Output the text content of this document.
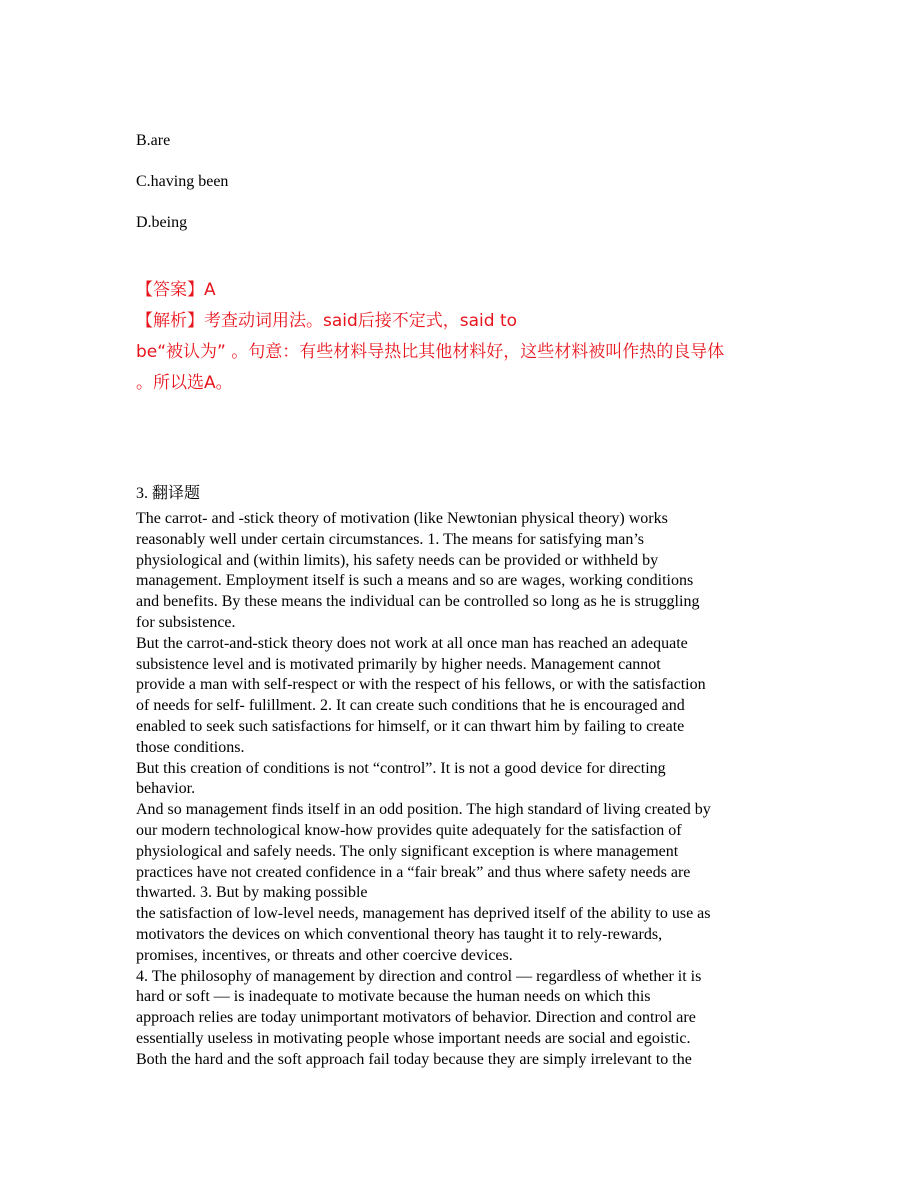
B.are

C.having been

D.being

【答案】A

【解析】考查动词用法。said后接不定式，said to

be“被认为” 。句意：有些材料导热比其他材料好，这些材料被叫作热的良导体

。所以选A。

3. 翻译题

The carrot- and -stick theory of motivation (like Newtonian physical theory) works
reasonably well under certain circumstances. 1. The means for satisfying man’s
physiological and (within limits), his safety needs can be provided or withheld by
management. Employment itself is such a means and so are wages, working conditions
and benefits. By these means the individual can be controlled so long as he is struggling
for subsistence.
But the carrot-and-stick theory does not work at all once man has reached an adequate
subsistence level and is motivated primarily by higher needs. Management cannot
provide a man with self-respect or with the respect of his fellows, or with the satisfaction
of needs for self- fulillment. 2. It can create such conditions that he is encouraged and
enabled to seek such satisfactions for himself, or it can thwart him by failing to create
those conditions.
But this creation of conditions is not “control”. It is not a good device for directing
behavior.
And so management finds itself in an odd position. The high standard of living created by
our modern technological know-how provides quite adequately for the satisfaction of
physiological and safely needs. The only significant exception is where management
practices have not created confidence in a “fair break” and thus where safety needs are
thwarted. 3. But by making possible
the satisfaction of low-level needs, management has deprived itself of the ability to use as
motivators the devices on which conventional theory has taught it to rely-rewards,
promises, incentives, or threats and other coercive devices.
4. The philosophy of management by direction and control — regardless of whether it is
hard or soft — is inadequate to motivate because the human needs on which this
approach relies are today unimportant motivators of behavior. Direction and control are
essentially useless in motivating people whose important needs are social and egoistic.
Both the hard and the soft approach fail today because they are simply irrelevant to the
